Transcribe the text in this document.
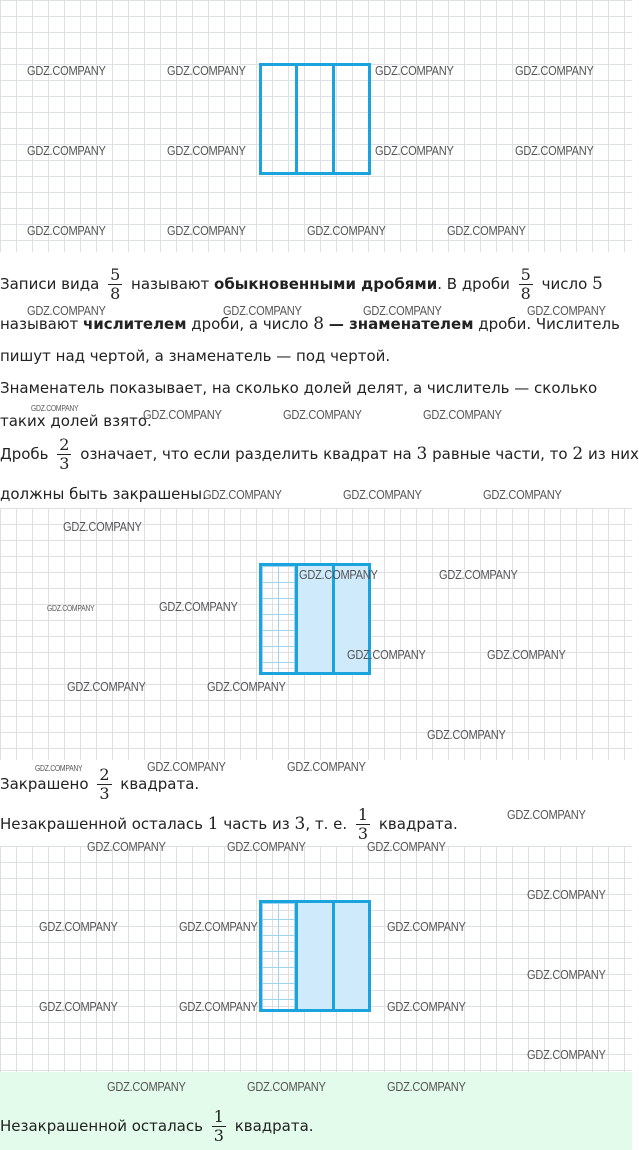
Записи вида $\frac{5}{8}$ называют обыкновенными дробями. В дроби $\frac{5}{8}$ число 5
называют числителем дроби, а число 8 — знаменателем дроби. Числитель
пишут над чертой, а знаменатель — под чертой.
Знаменатель показывает, на сколько долей делят, а числитель — сколько
таких долей взято.
Дробь $\frac{2}{3}$ означает, что если разделить квадрат на 3 равные части, то 2 из них
должны быть закрашены.
Закрашено $\frac{2}{3}$ квадрата.
Незакрашенной осталась 1 часть из 3, т. е. $\frac{1}{3}$ квадрата.
Незакрашенной осталась $\frac{1}{3}$ квадрата.
GDZ.COMPANY	GDZ.COMPANY	GDZ.COMPANY	GDZ.COMPANY
GDZ.COMPANY	GDZ.COMPANY	GDZ.COMPANY	GDZ.COMPANY
GDZ.COMPANY	GDZ.COMPANY	GDZ.COMPANY	GDZ.COMPANY
GDZ.COMPANY	GDZ.COMPANY	GDZ.COMPANY	GDZ.COMPANY
GDZ.COMPANY	GDZ.COMPANY	GDZ.COMPANY	GDZ.COMPANY
GDZ.COMPANY	GDZ.COMPANY	GDZ.COMPANY
GDZ.COMPANY
GDZ.COMPANY	GDZ.COMPANY
GDZ.COMPANY	GDZ.COMPANY
GDZ.COMPANY	GDZ.COMPANY
GDZ.COMPANY	GDZ.COMPANY
GDZ.COMPANY
GDZ.COMPANY	GDZ.COMPANY	GDZ.COMPANY
GDZ.COMPANY
GDZ.COMPANY	GDZ.COMPANY	GDZ.COMPANY
GDZ.COMPANY
GDZ.COMPANY	GDZ.COMPANY	GDZ.COMPANY
GDZ.COMPANY
GDZ.COMPANY	GDZ.COMPANY	GDZ.COMPANY
GDZ.COMPANY
GDZ.COMPANY	GDZ.COMPANY	GDZ.COMPANY
